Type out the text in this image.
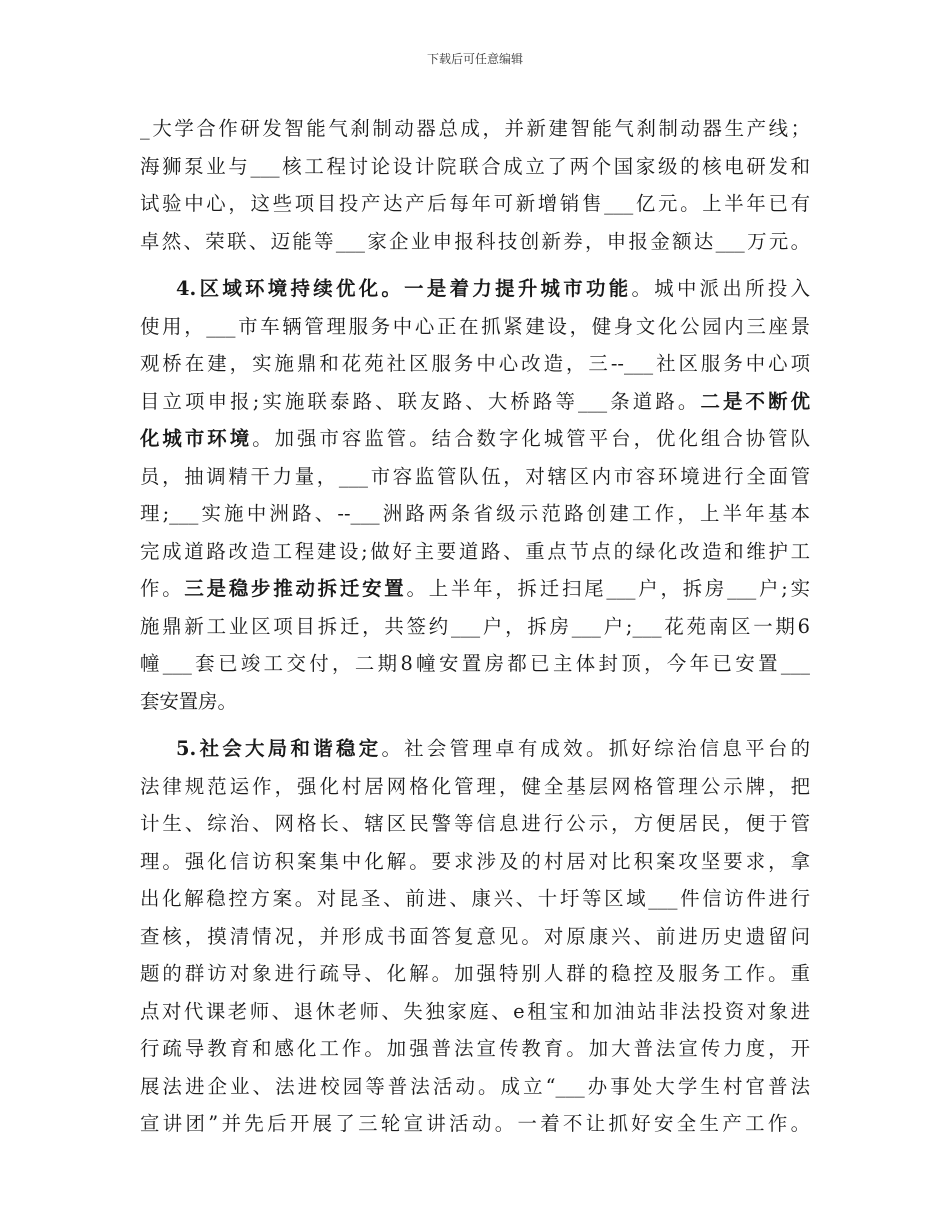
下载后可任意编辑
_大学合作研发智能气刹制动器总成，并新建智能气刹制动器生产线；
海狮泵业与___核工程讨论设计院联合成立了两个国家级的核电研发和
试验中心，这些项目投产达产后每年可新增销售___亿元。上半年已有
卓然、荣联、迈能等___家企业申报科技创新券，申报金额达___万元。
4.区域环境持续优化。一是着力提升城市功能。城中派出所投入
使用，___市车辆管理服务中心正在抓紧建设，健身文化公园内三座景
观桥在建，实施鼎和花苑社区服务中心改造，三--___社区服务中心项
目立项申报;实施联泰路、联友路、大桥路等___条道路。二是不断优
化城市环境。加强市容监管。结合数字化城管平台，优化组合协管队
员，抽调精干力量，___市容监管队伍，对辖区内市容环境进行全面管
理;___实施中洲路、--___洲路两条省级示范路创建工作，上半年基本
完成道路改造工程建设;做好主要道路、重点节点的绿化改造和维护工
作。三是稳步推动拆迁安置。上半年，拆迁扫尾___户，拆房___户;实
施鼎新工业区项目拆迁，共签约___户，拆房___户;___花苑南区一期6
幢___套已竣工交付，二期8幢安置房都已主体封顶，今年已安置___
套安置房。
5.社会大局和谐稳定。社会管理卓有成效。抓好综治信息平台的
法律规范运作，强化村居网格化管理，健全基层网格管理公示牌，把
计生、综治、网格长、辖区民警等信息进行公示，方便居民，便于管
理。强化信访积案集中化解。要求涉及的村居对比积案攻坚要求，拿
出化解稳控方案。对昆圣、前进、康兴、十圩等区域___件信访件进行
查核，摸清情况，并形成书面答复意见。对原康兴、前进历史遗留问
题的群访对象进行疏导、化解。加强特别人群的稳控及服务工作。重
点对代课老师、退休老师、失独家庭、e租宝和加油站非法投资对象进
行疏导教育和感化工作。加强普法宣传教育。加大普法宣传力度，开
展法进企业、法进校园等普法活动。成立“___办事处大学生村官普法
宣讲团”并先后开展了三轮宣讲活动。一着不让抓好安全生产工作。
